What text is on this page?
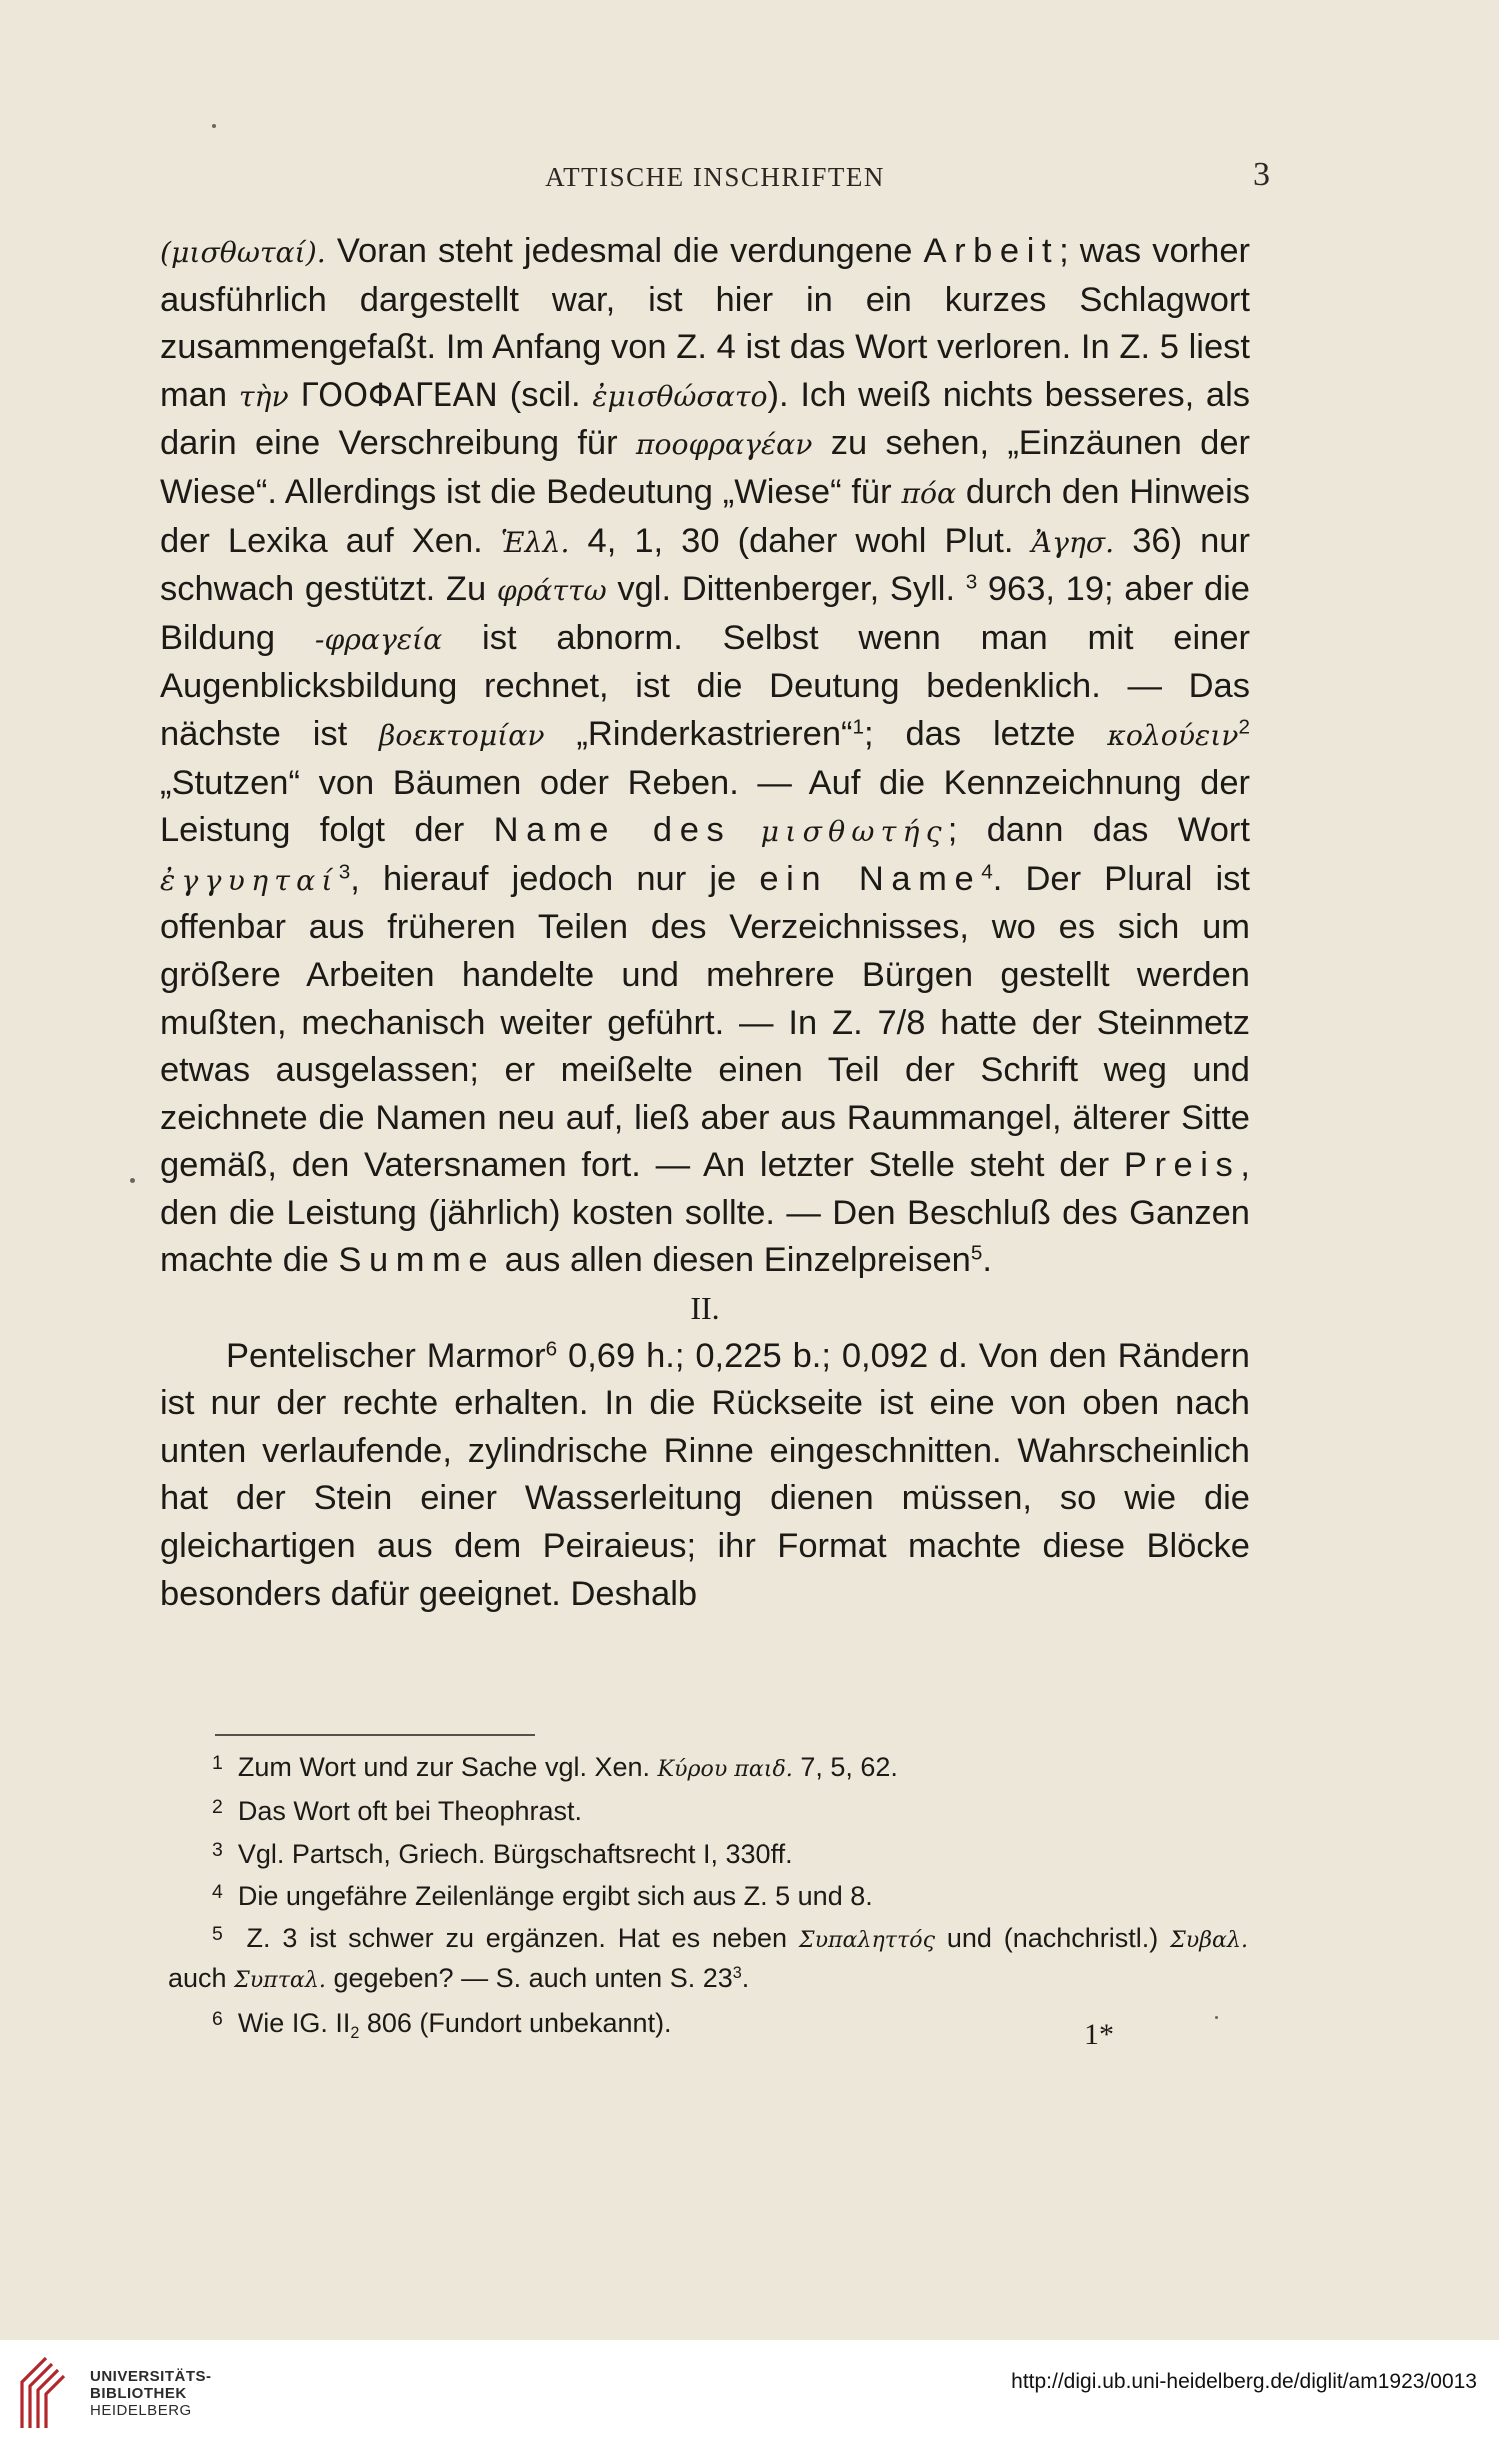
ATTISCHE INSCHRIFTEN	3

(μισθωταί). Voran steht jedesmal die verdungene Arbeit; was vorher ausführlich dargestellt war, ist hier in ein kurzes Schlagwort zusammengefaßt. Im Anfang von Z. 4 ist das Wort verloren. In Z. 5 liest man τὴν ΓΟΟΦΑΓΕΑΝ (scil. ἐμισθώσατο). Ich weiß nichts besseres, als darin eine Verschreibung für ποοφραγέαν zu sehen, „Einzäunen der Wiese“. Allerdings ist die Bedeutung „Wiese“ für πόα durch den Hinweis der Lexika auf Xen. Ἑλλ. 4, 1, 30 (daher wohl Plut. Ἀγησ. 36) nur schwach gestützt. Zu φράττω vgl. Dittenberger, Syll. $^3$ 963, 19; aber die Bildung -φραγεία ist abnorm. Selbst wenn man mit einer Augenblicksbildung rechnet, ist die Deutung bedenklich. — Das nächste ist βοεκτομίαν „Rinderkastrieren“$^1$; das letzte κολούειν$^2$ „Stutzen“ von Bäumen oder Reben. — Auf die Kennzeichnung der Leistung folgt der Name des μισθωτής; dann das Wort ἐγγυηταί$^3$, hierauf jedoch nur je ein Name$^4$. Der Plural ist offenbar aus früheren Teilen des Verzeichnisses, wo es sich um größere Arbeiten handelte und mehrere Bürgen gestellt werden mußten, mechanisch weiter geführt. — In Z. 7/8 hatte der Steinmetz etwas ausgelassen; er meißelte einen Teil der Schrift weg und zeichnete die Namen neu auf, ließ aber aus Raummangel, älterer Sitte gemäß, den Vatersnamen fort. — An letzter Stelle steht der Preis, den die Leistung (jährlich) kosten sollte. — Den Beschluß des Ganzen machte die Summe aus allen diesen Einzelpreisen$^5$.

II.

Pentelischer Marmor$^6$ 0,69 h.; 0,225 b.; 0,092 d. Von den Rändern ist nur der rechte erhalten. In die Rückseite ist eine von oben nach unten verlaufende, zylindrische Rinne eingeschnitten. Wahrscheinlich hat der Stein einer Wasserleitung dienen müssen, so wie die gleichartigen aus dem Peiraieus; ihr Format machte diese Blöcke besonders dafür geeignet. Deshalb

$^1$ Zum Wort und zur Sache vgl. Xen. Κύρου παιδ. 7, 5, 62.

$^2$ Das Wort oft bei Theophrast.

$^3$ Vgl. Partsch, Griech. Bürgschaftsrecht I, 330ff.

$^4$ Die ungefähre Zeilenlänge ergibt sich aus Z. 5 und 8.

$^5$ Z. 3 ist schwer zu ergänzen. Hat es neben Συπαληττός und (nachchristl.) Συβαλ. auch Συπταλ. gegeben? — S. auch unten S. $23^3$.

$^6$ Wie IG. $II_2$ 806 (Fundort unbekannt).	1*
UNIVERSITÄTS-
BIBLIOTHEK
HEIDELBERG
http://digi.ub.uni-heidelberg.de/diglit/am1923/0013
